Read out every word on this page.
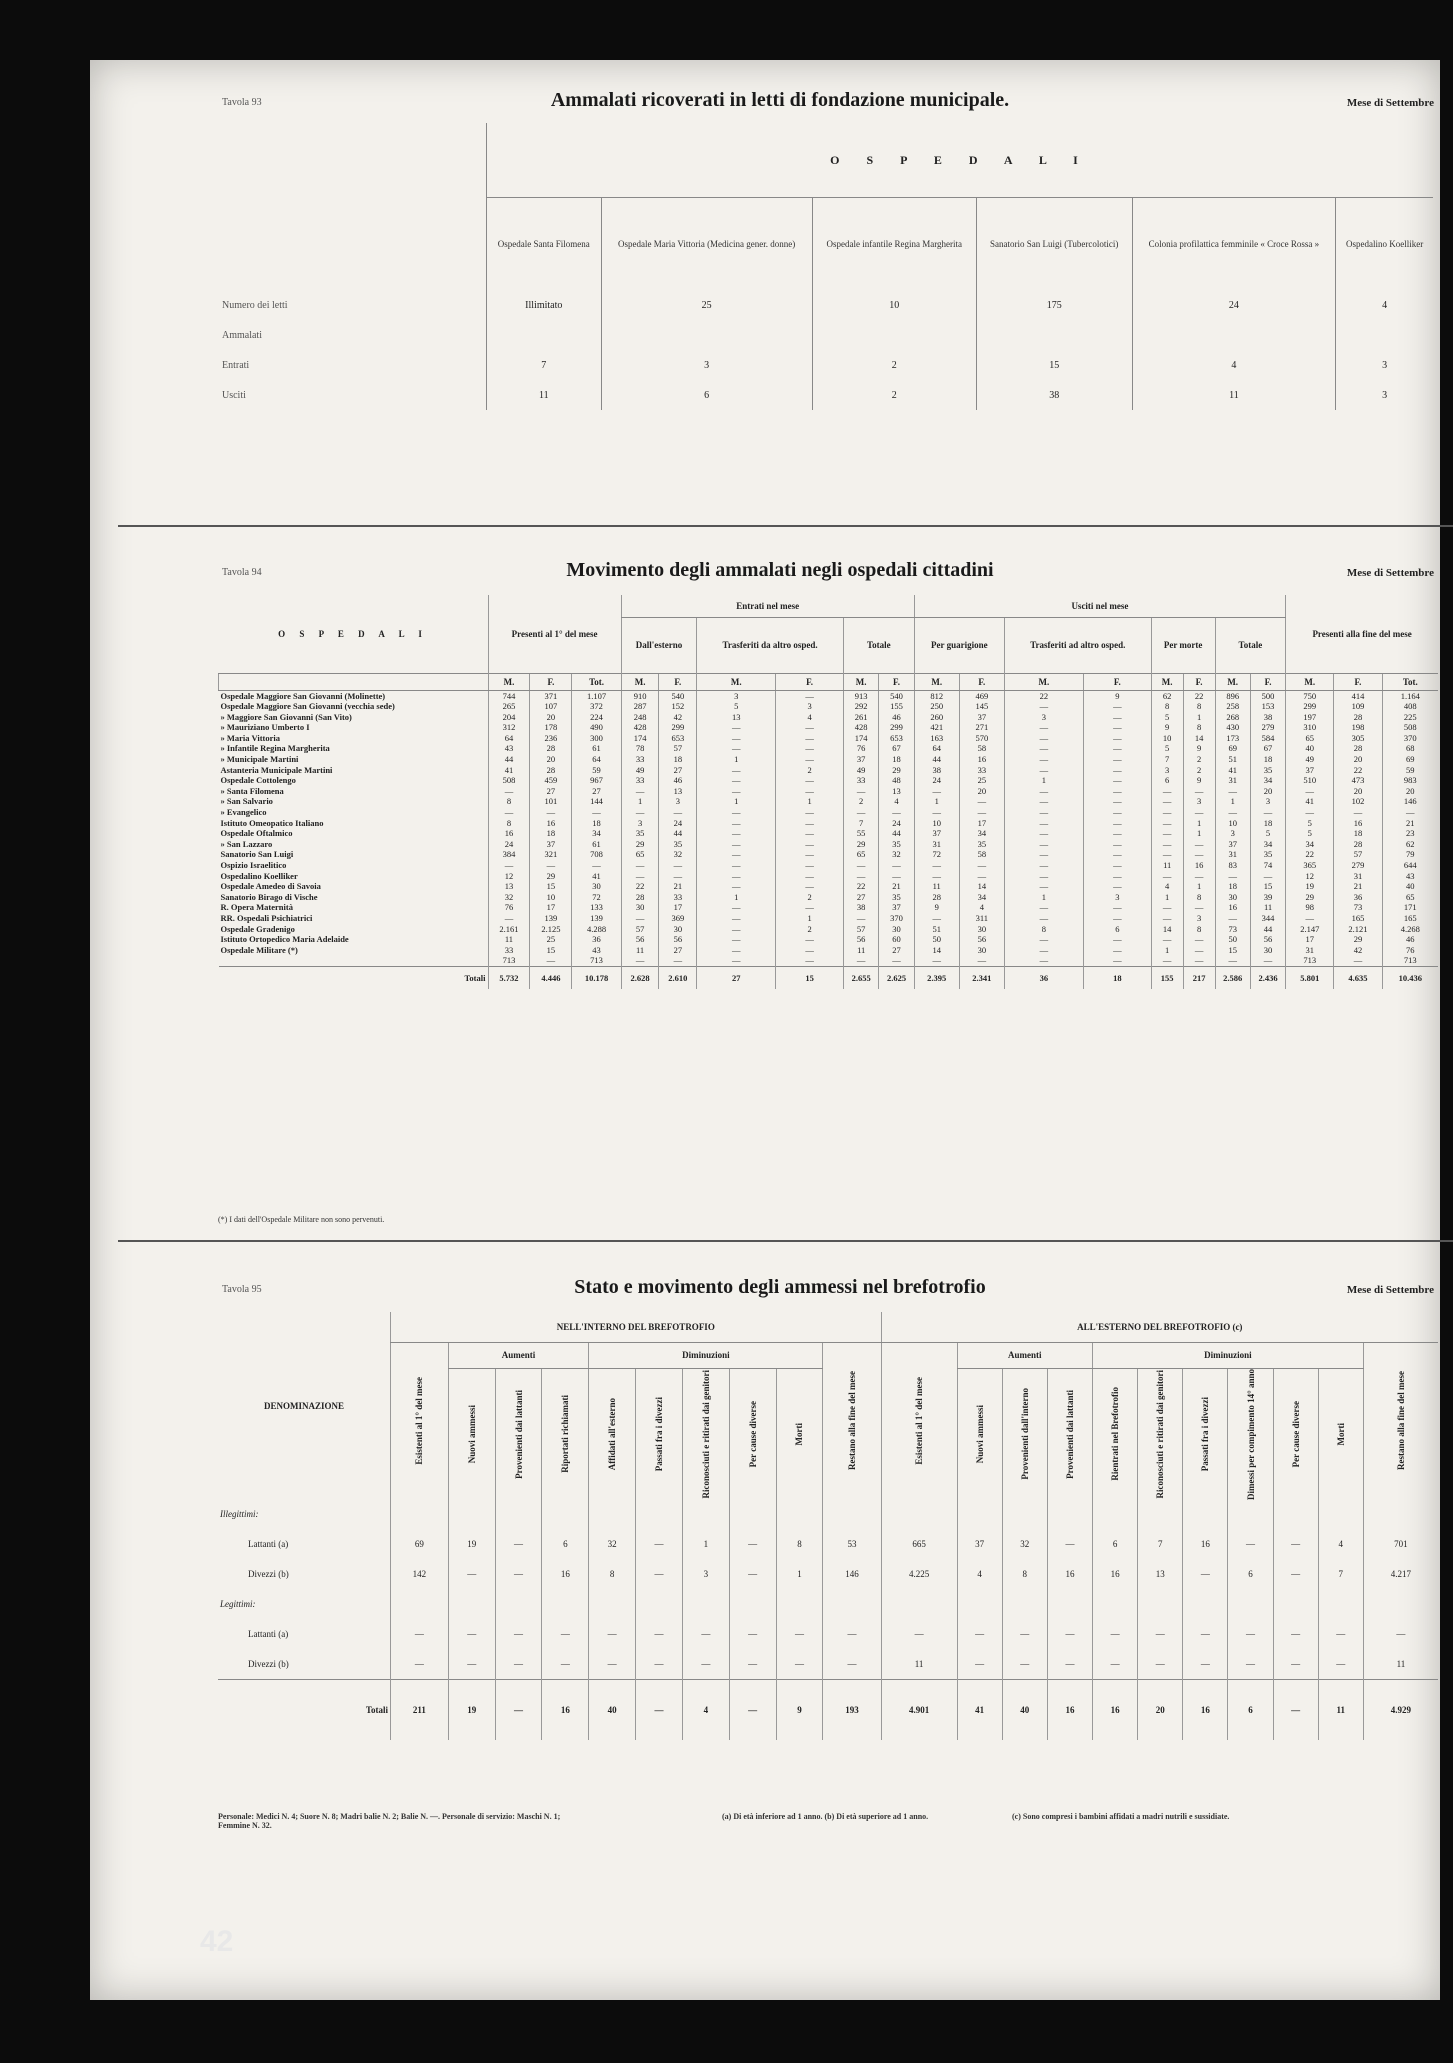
42
Tavola 93	Ammalati ricoverati in letti di fondazione municipale.	Mese di Settembre
	O S P E D A L I					
	Ospedale Santa Filomena	Ospedale Maria Vittoria (Medicina gener. donne)	Ospedale infantile Regina Margherita	Sanatorio San Luigi (Tubercolotici)	Colonia profilattica femminile « Croce Rossa »	Ospedalino Koelliker
Numero dei letti	Illimitato	25	10	175	24	4
Ammalati						
Entrati	7	3	2	15	4	3
Usciti	11	6	2	38	11	3
Tavola 94	Movimento degli ammalati negli ospedali cittadini	Mese di Settembre
O S P E D A L I	Presenti al 1° del mese			Entrati nel mese						Usciti nel mese								Presenti alla fine del mese		
				Dall'esterno		Trasferiti da altro osped.		Totale		Per guarigione		Trasferiti ad altro osped.		Per morte		Totale				
	M.	F.	Tot.	M.	F.	M.	F.	M.	F.	M.	F.	M.	F.	M.	F.	M.	F.	M.	F.	Tot.
Ospedale Maggiore San Giovanni (Molinette)	744	371	1.107	910	540	3	—	913	540	812	469	22	9	62	22	896	500	750	414	1.164
Ospedale Maggiore San Giovanni (vecchia sede)	265	107	372	287	152	5	3	292	155	250	145	—	—	8	8	258	153	299	109	408
» Maggiore San Giovanni (San Vito)	204	20	224	248	42	13	4	261	46	260	37	3	—	5	1	268	38	197	28	225
» Mauriziano Umberto I	312	178	490	428	299	—	—	428	299	421	271	—	—	9	8	430	279	310	198	508
» Maria Vittoria	64	236	300	174	653	—	—	174	653	163	570	—	—	10	14	173	584	65	305	370
» Infantile Regina Margherita	43	28	61	78	57	—	—	76	67	64	58	—	—	5	9	69	67	40	28	68
» Municipale Martini	44	20	64	33	18	1	—	37	18	44	16	—	—	7	2	51	18	49	20	69
Astanteria Municipale Martini	41	28	59	49	27	—	2	49	29	38	33	—	—	3	2	41	35	37	22	59
Ospedale Cottolengo	508	459	967	33	46	—	—	33	48	24	25	1	—	6	9	31	34	510	473	983
» Santa Filomena	—	27	27	—	13	—	—	—	13	—	20	—	—	—	—	—	20	—	20	20
» San Salvario	8	101	144	1	3	1	1	2	4	1	—	—	—	—	3	1	3	41	102	146
» Evangelico	—	—	—	—	—	—	—	—	—	—	—	—	—	—	—	—	—	—	—	—
Istituto Omeopatico Italiano	8	16	18	3	24	—	—	7	24	10	17	—	—	—	1	10	18	5	16	21
Ospedale Oftalmico	16	18	34	35	44	—	—	55	44	37	34	—	—	—	1	3	5	5	18	23
» San Lazzaro	24	37	61	29	35	—	—	29	35	31	35	—	—	—	—	37	34	34	28	62
Sanatorio San Luigi	384	321	708	65	32	—	—	65	32	72	58	—	—	—	—	31	35	22	57	79
Ospizio Israelitico	—	—	—	—	—	—	—	—	—	—	—	—	—	11	16	83	74	365	279	644
Ospedalino Koelliker	12	29	41	—	—	—	—	—	—	—	—	—	—	—	—	—	—	12	31	43
Ospedale Amedeo di Savoia	13	15	30	22	21	—	—	22	21	11	14	—	—	4	1	18	15	19	21	40
Sanatorio Birago di Vische	32	10	72	28	33	1	2	27	35	28	34	1	3	1	8	30	39	29	36	65
R. Opera Maternità	76	17	133	30	17	—	—	38	37	9	4	—	—	—	—	16	11	98	73	171
RR. Ospedali Psichiatrici	—	139	139	—	369	—	1	—	370	—	311	—	—	—	3	—	344	—	165	165
Ospedale Gradenigo	2.161	2.125	4.288	57	30	—	2	57	30	51	30	8	6	14	8	73	44	2.147	2.121	4.268
Istituto Ortopedico Maria Adelaide	11	25	36	56	56	—	—	56	60	50	56	—	—	—	—	50	56	17	29	46
Ospedale Militare (*)	33	15	43	11	27	—	—	11	27	14	30	—	—	1	—	15	30	31	42	76
	713	—	713	—	—	—	—	—	—	—	—	—	—	—	—	—	—	713	—	713
Totali	5.732	4.446	10.178	2.628	2.610	27	15	2.655	2.625	2.395	2.341	36	18	155	217	2.586	2.436	5.801	4.635	10.436
(*) I dati dell'Ospedale Militare non sono pervenuti.
Tavola 95	Stato e movimento degli ammessi nel brefotrofio	Mese di Settembre
DENOMINAZIONE	NELL'INTERNO DEL BREFOTROFIO										ALL'ESTERNO DEL BREFOTROFIO (c)										

	Esistenti al 1° del mese	Aumenti			Diminuzioni					Restano alla fine del mese	Esistenti al 1° del mese	Aumenti			Diminuzioni						Restano alla fine del mese

		Nuovi ammessi	Provenienti dai lattanti	Riportati richiamati	Affidati all'esterno	Passati fra i divezzi	Riconosciuti e ritirati dai genitori	Per cause diverse	Morti			Nuovi ammessi	Provenienti dall'interno	Provenienti dai lattanti	Rientrati nel Brefotrofio	Riconosciuti e ritirati dai genitori	Passati fra i divezzi	Dimessi per compimento 14° anno	Per cause diverse	Morti	

Illegittimi:																					
Lattanti (a)	69	19	—	6	32	—	1	—	8	53	665	37	32	—	6	7	16	—	—	4	701
Divezzi (b)	142	—	—	16	8	—	3	—	1	146	4.225	4	8	16	16	13	—	6	—	7	4.217
Legittimi:																					
Lattanti (a)	—	—	—	—	—	—	—	—	—	—	—	—	—	—	—	—	—	—	—	—	—
Divezzi (b)	—	—	—	—	—	—	—	—	—	—	11	—	—	—	—	—	—	—	—	—	11
Totali	211	19	—	16	40	—	4	—	9	193	4.901	41	40	16	16	20	16	6	—	11	4.929
Personale: Medici N. 4; Suore N. 8; Madri balie N. 2; Balie N. —. Personale di servizio: Maschi N. 1; Femmine N. 32.
(a) Di età inferiore ad 1 anno. (b) Di età superiore ad 1 anno.	(c) Sono compresi i bambini affidati a madri nutrili e sussidiate.
